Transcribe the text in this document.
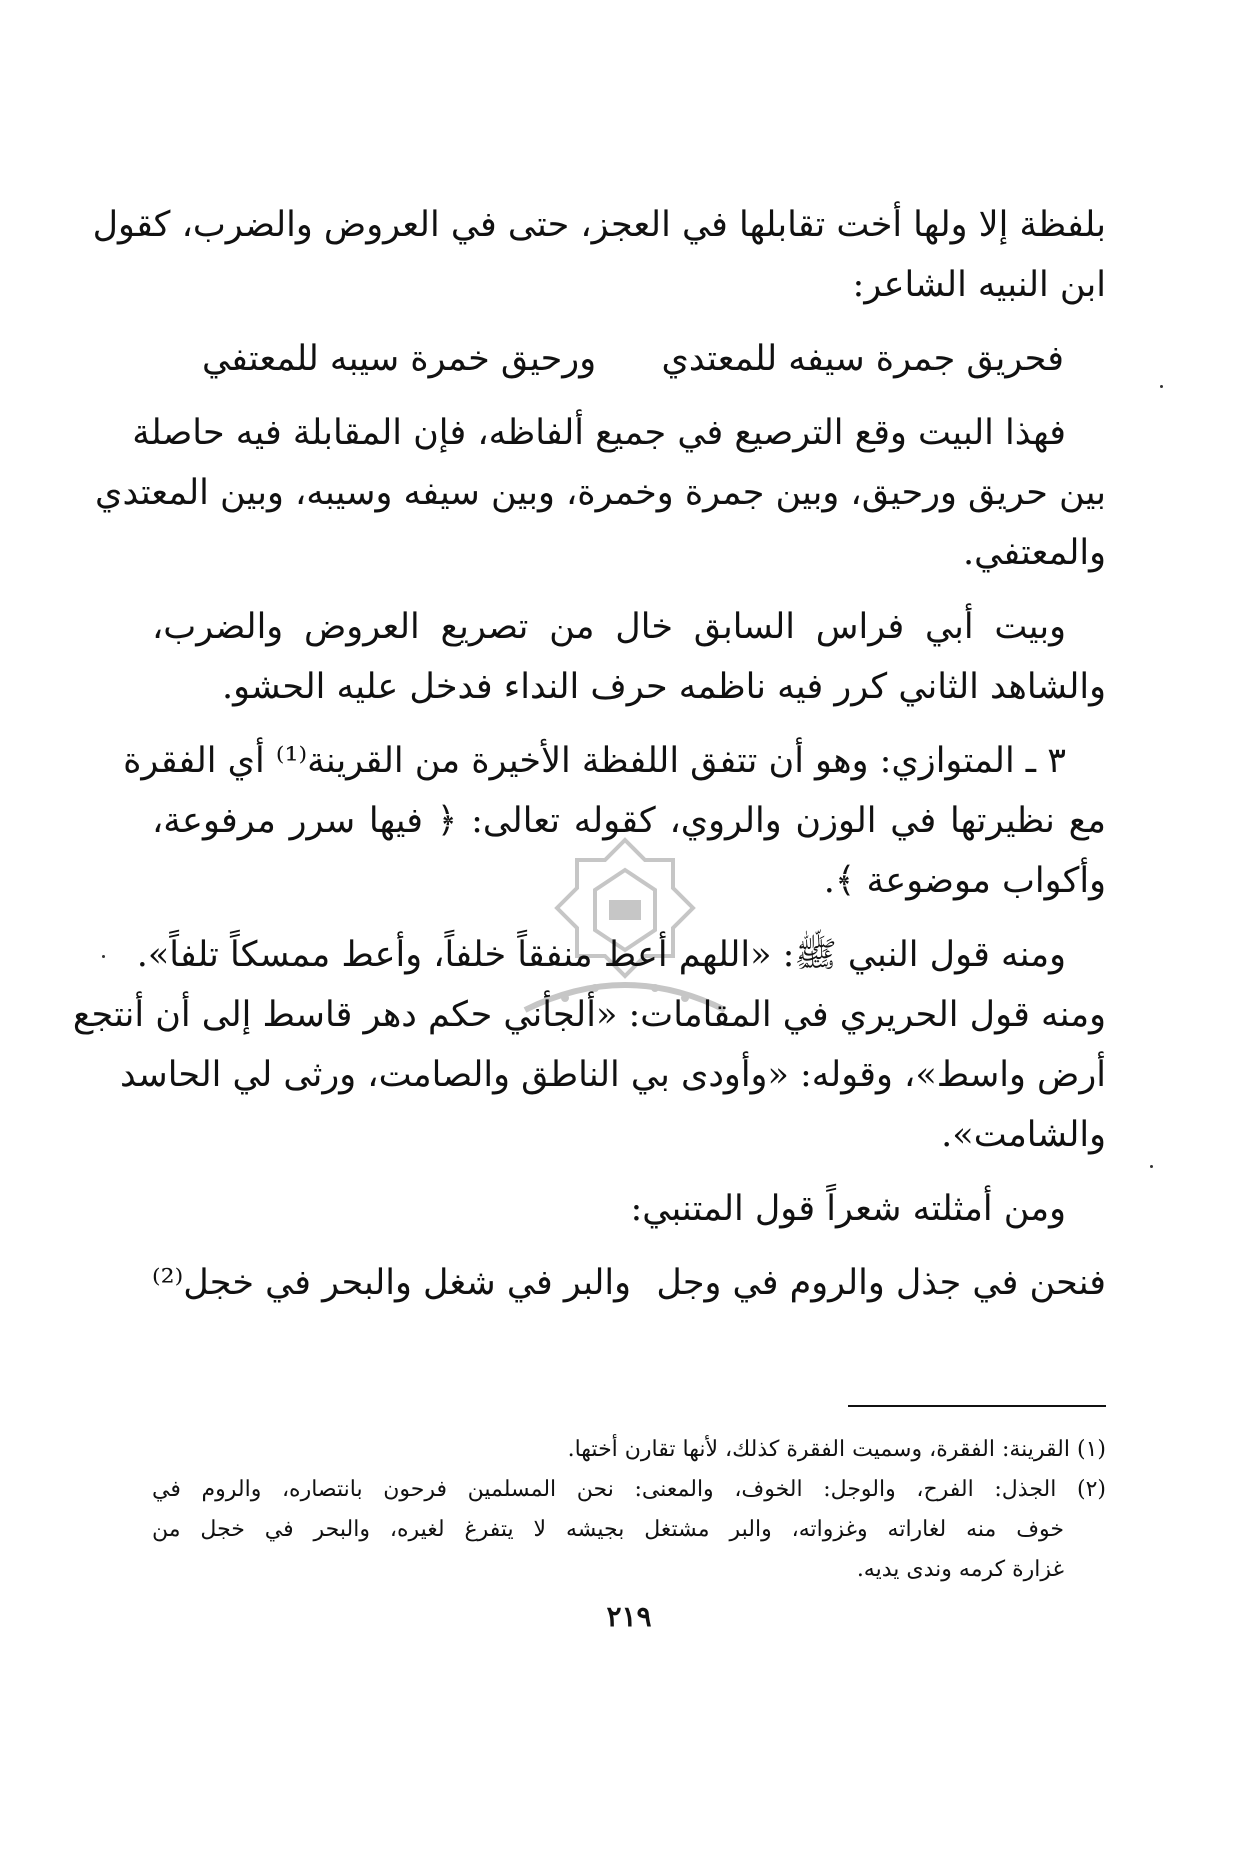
بلفظة إلا ولها أخت تقابلها في العجز، حتى في العروض والضرب، كقول
ابن النبيه الشاعر:
فحريق جمرة سيفه للمعتدي
ورحيق خمرة سيبه للمعتفي
فهذا البيت وقع الترصيع في جميع ألفاظه، فإن المقابلة فيه حاصلة
بين حريق ورحيق، وبين جمرة وخمرة، وبين سيفه وسيبه، وبين المعتدي
والمعتفي.
وبيت أبي فراس السابق خال من تصريع العروض والضرب،
والشاهد الثاني كرر فيه ناظمه حرف النداء فدخل عليه الحشو.
٣ ـ المتوازي: وهو أن تتفق اللفظة الأخيرة من القرينة⁽¹⁾ أي الفقرة
مع نظيرتها في الوزن والروي، كقوله تعالى: ﴿ فيها سرر مرفوعة،
وأكواب موضوعة ﴾.
ومنه قول النبي ﷺ: «اللهم أعط منفقاً خلفاً، وأعط ممسكاً تلفاً».
ومنه قول الحريري في المقامات: «ألجأني حكم دهر قاسط إلى أن أنتجع
أرض واسط»، وقوله: «وأودى بي الناطق والصامت، ورثى لي الحاسد
والشامت».
ومن أمثلته شعراً قول المتنبي:
فنحن في جذل والروم في وجل
والبر في شغل والبحر في خجل⁽²⁾
(١) القرينة: الفقرة، وسميت الفقرة كذلك، لأنها تقارن أختها.
(٢) الجذل: الفرح، والوجل: الخوف، والمعنى: نحن المسلمين فرحون بانتصاره، والروم في
خوف منه لغاراته وغزواته، والبر مشتغل بجيشه لا يتفرغ لغيره، والبحر في خجل من
غزارة كرمه وندى يديه.
٢١٩
